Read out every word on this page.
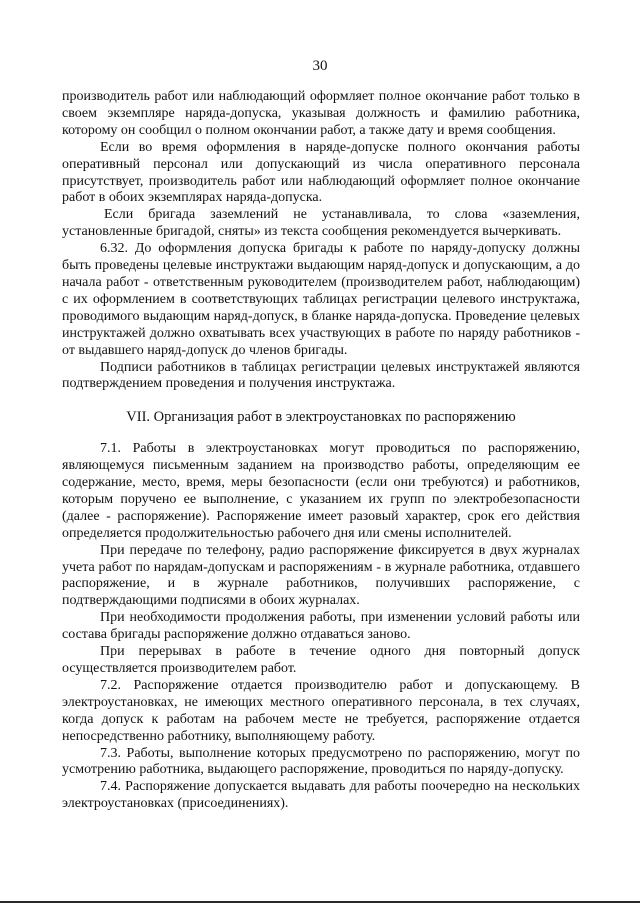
30

производитель работ или наблюдающий оформляет полное окончание работ только в своем экземпляре наряда-допуска, указывая должность и фамилию работника, которому он сообщил о полном окончании работ, а также дату и время сообщения.

Если во время оформления в наряде-допуске полного окончания работы оперативный персонал или допускающий из числа оперативного персонала присутствует, производитель работ или наблюдающий оформляет полное окончание работ в обоих экземплярах наряда-допуска.

Если бригада заземлений не устанавливала, то слова «заземления, установленные бригадой, сняты» из текста сообщения рекомендуется вычеркивать.

6.32. До оформления допуска бригады к работе по наряду-допуску должны быть проведены целевые инструктажи выдающим наряд-допуск и допускающим, а до начала работ - ответственным руководителем (производителем работ, наблюдающим) с их оформлением в соответствующих таблицах регистрации целевого инструктажа, проводимого выдающим наряд-допуск, в бланке наряда-допуска. Проведение целевых инструктажей должно охватывать всех участвующих в работе по наряду работников - от выдавшего наряд-допуск до членов бригады.

Подписи работников в таблицах регистрации целевых инструктажей являются подтверждением проведения и получения инструктажа.

VII. Организация работ в электроустановках по распоряжению

7.1. Работы в электроустановках могут проводиться по распоряжению, являющемуся письменным заданием на производство работы, определяющим ее содержание, место, время, меры безопасности (если они требуются) и работников, которым поручено ее выполнение, с указанием их групп по электробезопасности (далее - распоряжение). Распоряжение имеет разовый характер, срок его действия определяется продолжительностью рабочего дня или смены исполнителей.

При передаче по телефону, радио распоряжение фиксируется в двух журналах учета работ по нарядам-допускам и распоряжениям - в журнале работника, отдавшего распоряжение, и в журнале работников, получивших распоряжение, с подтверждающими подписями в обоих журналах.

При необходимости продолжения работы, при изменении условий работы или состава бригады распоряжение должно отдаваться заново.

При перерывах в работе в течение одного дня повторный допуск осуществляется производителем работ.

7.2. Распоряжение отдается производителю работ и допускающему. В электроустановках, не имеющих местного оперативного персонала, в тех случаях, когда допуск к работам на рабочем месте не требуется, распоряжение отдается непосредственно работнику, выполняющему работу.

7.3. Работы, выполнение которых предусмотрено по распоряжению, могут по усмотрению работника, выдающего распоряжение, проводиться по наряду-допуску.

7.4. Распоряжение допускается выдавать для работы поочередно на нескольких электроустановках (присоединениях).
